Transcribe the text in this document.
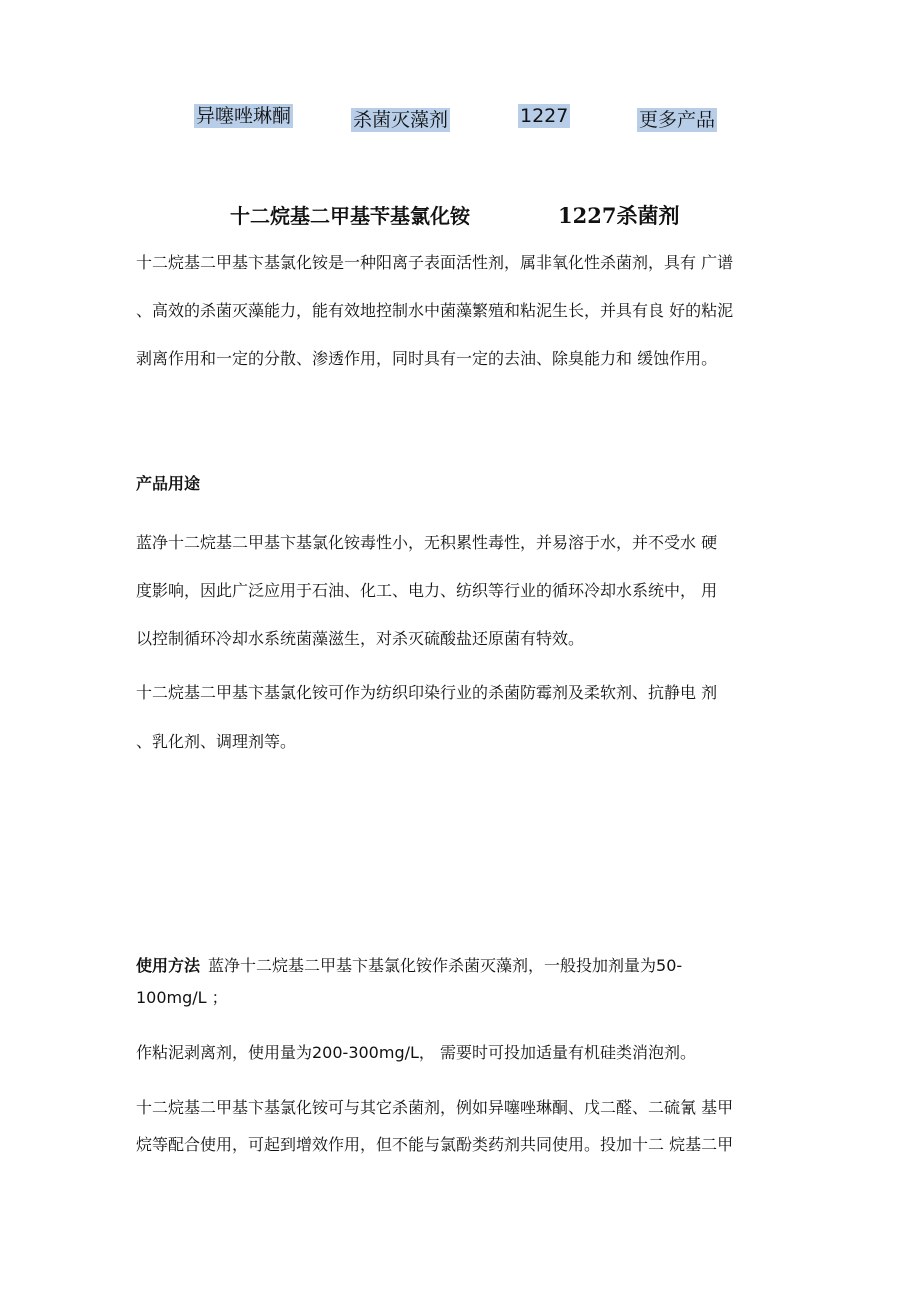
异噻唑琳酮	杀菌灭藻剂	1227	更多产品
十二烷基二甲基苄基氯化铵	1227杀菌剂
十二烷基二甲基卞基氯化铵是一种阳离子表面活性剂，属非氧化性杀菌剂，具有 广谱
、高效的杀菌灭藻能力，能有效地控制水中菌藻繁殖和粘泥生长，并具有良 好的粘泥
剥离作用和一定的分散、渗透作用，同时具有一定的去油、除臭能力和 缓蚀作用。
产品用途
蓝净十二烷基二甲基卞基氯化铵毒性小，无积累性毒性，并易溶于水，并不受水 硬
度影响，因此广泛应用于石油、化工、电力、纺织等行业的循环冷却水系统中， 用
以控制循环冷却水系统菌藻滋生，对杀灭硫酸盐还原菌有特效。
十二烷基二甲基卞基氯化铵可作为纺织印染行业的杀菌防霉剂及柔软剂、抗静电 剂
、乳化剂、调理剂等。
使用方法 蓝净十二烷基二甲基卞基氯化铵作杀菌灭藻剂，一般投加剂量为50-
100mg/L ；
作粘泥剥离剂，使用量为200-300mg/L， 需要时可投加适量有机硅类消泡剂。
十二烷基二甲基卞基氯化铵可与其它杀菌剂，例如异噻唑琳酮、戊二醛、二硫氰 基甲
烷等配合使用，可起到增效作用，但不能与氯酚类药剂共同使用。投加十二 烷基二甲
